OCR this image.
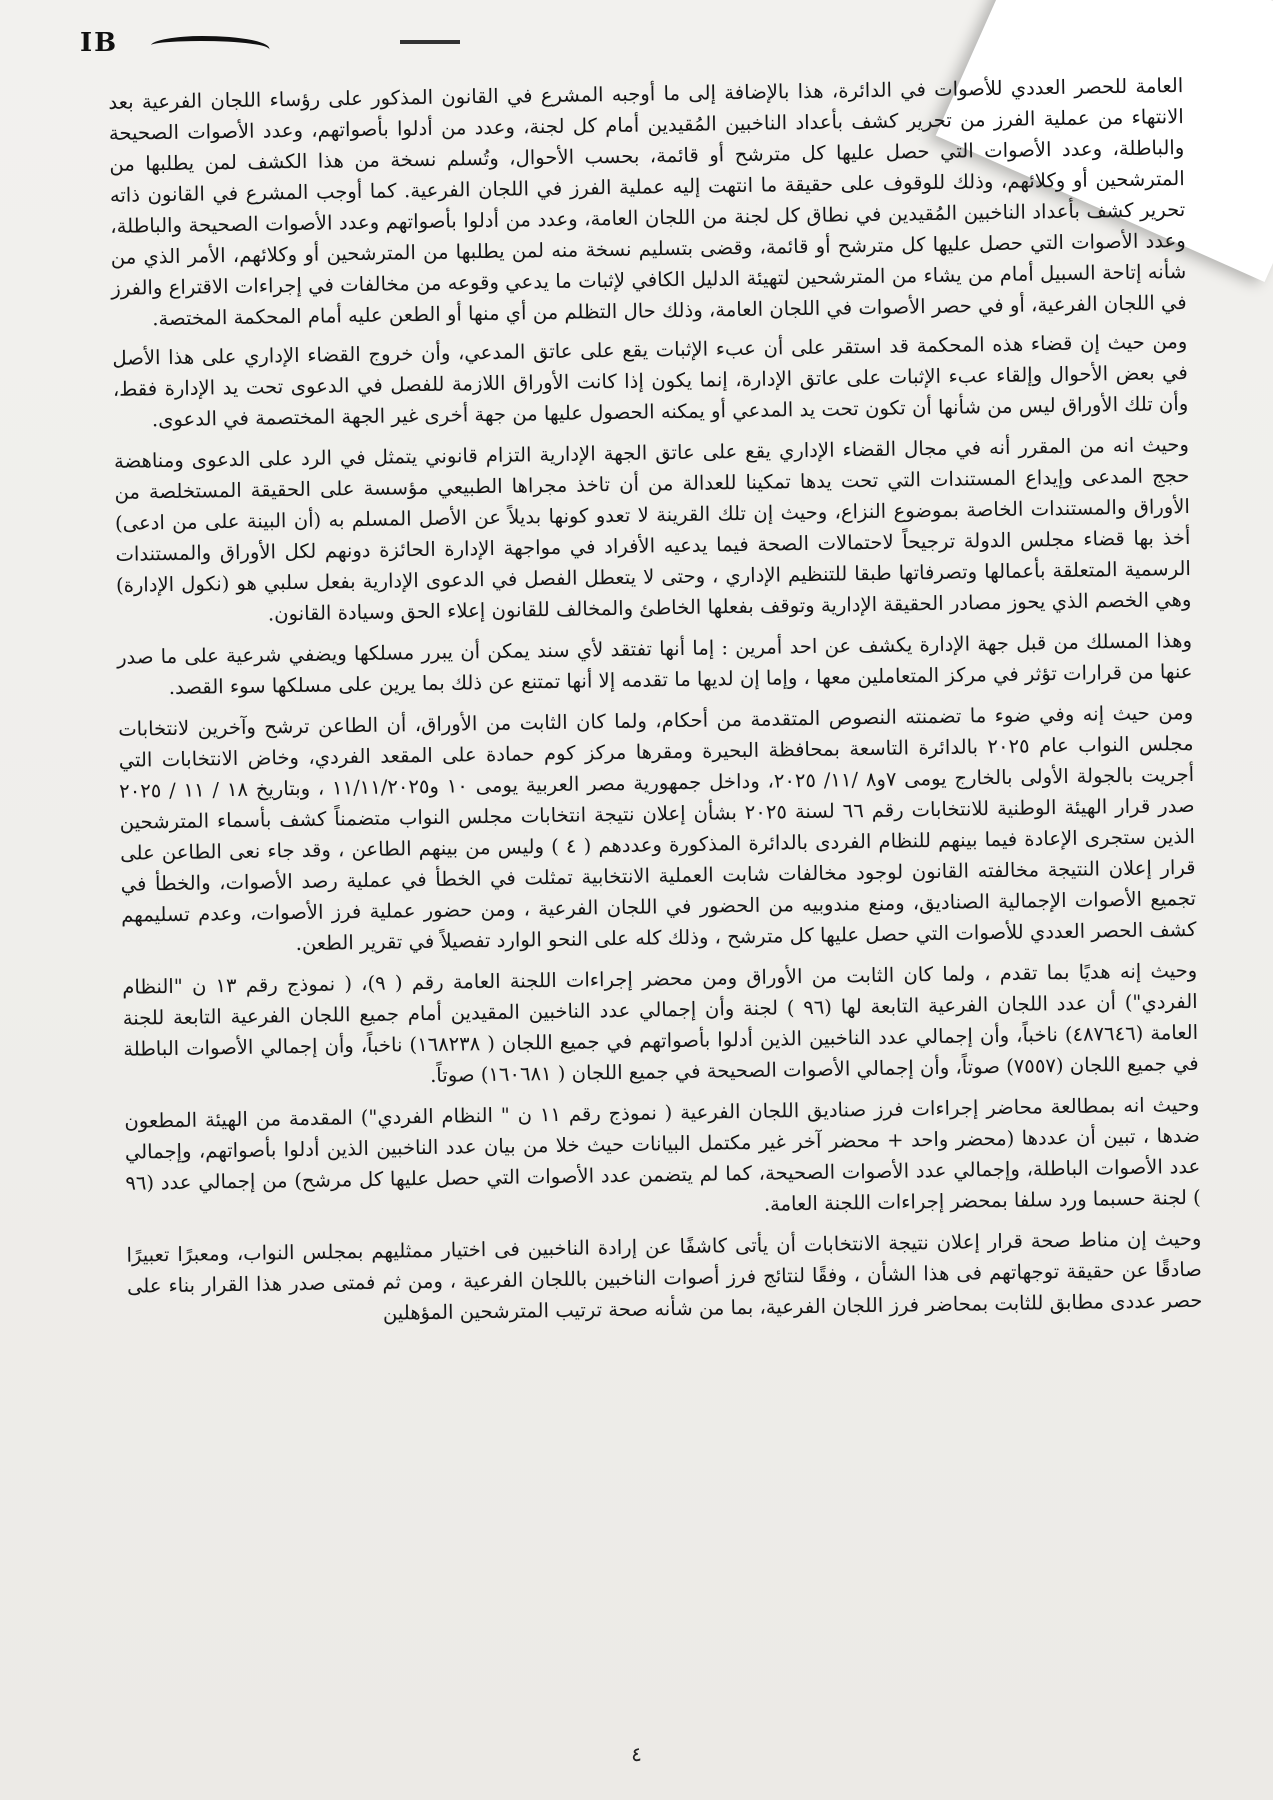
IB

العامة للحصر العددي للأصوات في الدائرة، هذا بالإضافة إلى ما أوجبه المشرع في القانون المذكور على رؤساء اللجان الفرعية بعد الانتهاء من عملية الفرز من تحرير كشف بأعداد الناخبين المُقيدين أمام كل لجنة، وعدد من أدلوا بأصواتهم، وعدد الأصوات الصحيحة والباطلة، وعدد الأصوات التي حصل عليها كل مترشح أو قائمة، بحسب الأحوال، وتُسلم نسخة من هذا الكشف لمن يطلبها من المترشحين أو وكلائهم، وذلك للوقوف على حقيقة ما انتهت إليه عملية الفرز في اللجان الفرعية. كما أوجب المشرع في القانون ذاته تحرير كشف بأعداد الناخبين المُقيدين في نطاق كل لجنة من اللجان العامة، وعدد من أدلوا بأصواتهم وعدد الأصوات الصحيحة والباطلة، وعدد الأصوات التي حصل عليها كل مترشح أو قائمة، وقضى بتسليم نسخة منه لمن يطلبها من المترشحين أو وكلائهم، الأمر الذي من شأنه إتاحة السبيل أمام من يشاء من المترشحين لتهيئة الدليل الكافي لإثبات ما يدعي وقوعه من مخالفات في إجراءات الاقتراع والفرز في اللجان الفرعية، أو في حصر الأصوات في اللجان العامة، وذلك حال التظلم من أي منها أو الطعن عليه أمام المحكمة المختصة.

ومن حيث إن قضاء هذه المحكمة قد استقر على أن عبء الإثبات يقع على عاتق المدعي، وأن خروج القضاء الإداري على هذا الأصل في بعض الأحوال وإلقاء عبء الإثبات على عاتق الإدارة، إنما يكون إذا كانت الأوراق اللازمة للفصل في الدعوى تحت يد الإدارة فقط، وأن تلك الأوراق ليس من شأنها أن تكون تحت يد المدعي أو يمكنه الحصول عليها من جهة أخرى غير الجهة المختصمة في الدعوى.

وحيث انه من المقرر أنه في مجال القضاء الإداري يقع على عاتق الجهة الإدارية التزام قانوني يتمثل في الرد على الدعوى ومناهضة حجج المدعى وإيداع المستندات التي تحت يدها تمكينا للعدالة من أن تاخذ مجراها الطبيعي مؤسسة على الحقيقة المستخلصة من الأوراق والمستندات الخاصة بموضوع النزاع، وحيث إن تلك القرينة لا تعدو كونها بديلاً عن الأصل المسلم به (أن البينة على من ادعى) أخذ بها قضاء مجلس الدولة ترجيحاً لاحتمالات الصحة فيما يدعيه الأفراد في مواجهة الإدارة الحائزة دونهم لكل الأوراق والمستندات الرسمية المتعلقة بأعمالها وتصرفاتها طبقا للتنظيم الإداري ، وحتى لا يتعطل الفصل في الدعوى الإدارية بفعل سلبي هو (نكول الإدارة) وهي الخصم الذي يحوز مصادر الحقيقة الإدارية وتوقف بفعلها الخاطئ والمخالف للقانون إعلاء الحق وسيادة القانون.

وهذا المسلك من قبل جهة الإدارة يكشف عن احد أمرين : إما أنها تفتقد لأي سند يمكن أن يبرر مسلكها ويضفي شرعية على ما صدر عنها من قرارات تؤثر في مركز المتعاملين معها ، وإما إن لديها ما تقدمه إلا أنها تمتنع عن ذلك بما يرين على مسلكها سوء القصد.

ومن حيث إنه وفي ضوء ما تضمنته النصوص المتقدمة من أحكام، ولما كان الثابت من الأوراق، أن الطاعن ترشح وآخرين لانتخابات مجلس النواب عام ٢٠٢٥ بالدائرة التاسعة بمحافظة البحيرة ومقرها مركز كوم حمادة على المقعد الفردي، وخاض الانتخابات التي أجريت بالجولة الأولى بالخارج يومى ٧و٨ /١١/ ٢٠٢٥، وداخل جمهورية مصر العربية يومى ١٠ و١١/١١/٢٠٢٥ ، وبتاريخ ١٨ / ١١ / ٢٠٢٥ صدر قرار الهيئة الوطنية للانتخابات رقم ٦٦ لسنة ٢٠٢٥ بشأن إعلان نتيجة انتخابات مجلس النواب متضمناً كشف بأسماء المترشحين الذين ستجرى الإعادة فيما بينهم للنظام الفردى بالدائرة المذكورة وعددهم ( ٤ ) وليس من بينهم الطاعن ، وقد جاء نعى الطاعن على قرار إعلان النتيجة مخالفته القانون لوجود مخالفات شابت العملية الانتخابية تمثلت في الخطأ في عملية رصد الأصوات، والخطأ في تجميع الأصوات الإجمالية الصناديق، ومنع مندوبيه من الحضور في اللجان الفرعية ، ومن حضور عملية فرز الأصوات، وعدم تسليمهم كشف الحصر العددي للأصوات التي حصل عليها كل مترشح ، وذلك كله على النحو الوارد تفصيلاً في تقرير الطعن.

وحيث إنه هديًا بما تقدم ، ولما كان الثابت من الأوراق ومن محضر إجراءات اللجنة العامة رقم ( ٩)، ( نموذج رقم ١٣ ن "النظام الفردي") أن عدد اللجان الفرعية التابعة لها (٩٦ ) لجنة وأن إجمالي عدد الناخبين المقيدين أمام جميع اللجان الفرعية التابعة للجنة العامة (٤٨٧٦٤٦) ناخباً، وأن إجمالي عدد الناخبين الذين أدلوا بأصواتهم في جميع اللجان ( ١٦٨٢٣٨) ناخباً، وأن إجمالي الأصوات الباطلة في جميع اللجان (٧٥٥٧) صوتاً، وأن إجمالي الأصوات الصحيحة في جميع اللجان ( ١٦٠٦٨١) صوتاً.

وحيث انه بمطالعة محاضر إجراءات فرز صناديق اللجان الفرعية ( نموذج رقم ١١ ن " النظام الفردي") المقدمة من الهيئة المطعون ضدها ، تبين أن عددها (محضر واحد + محضر آخر غير مكتمل البيانات حيث خلا من بيان عدد الناخبين الذين أدلوا بأصواتهم، وإجمالي عدد الأصوات الباطلة، وإجمالي عدد الأصوات الصحيحة، كما لم يتضمن عدد الأصوات التي حصل عليها كل مرشح) من إجمالي عدد (٩٦ ) لجنة حسبما ورد سلفا بمحضر إجراءات اللجنة العامة.

وحيث إن مناط صحة قرار إعلان نتيجة الانتخابات أن يأتى كاشفًا عن إرادة الناخبين فى اختيار ممثليهم بمجلس النواب، ومعبرًا تعبيرًا صادقًا عن حقيقة توجهاتهم فى هذا الشأن ، وفقًا لنتائج فرز أصوات الناخبين باللجان الفرعية ، ومن ثم فمتى صدر هذا القرار بناء على حصر عددى مطابق للثابت بمحاضر فرز اللجان الفرعية، بما من شأنه صحة ترتيب المترشحين المؤهلين

٤
